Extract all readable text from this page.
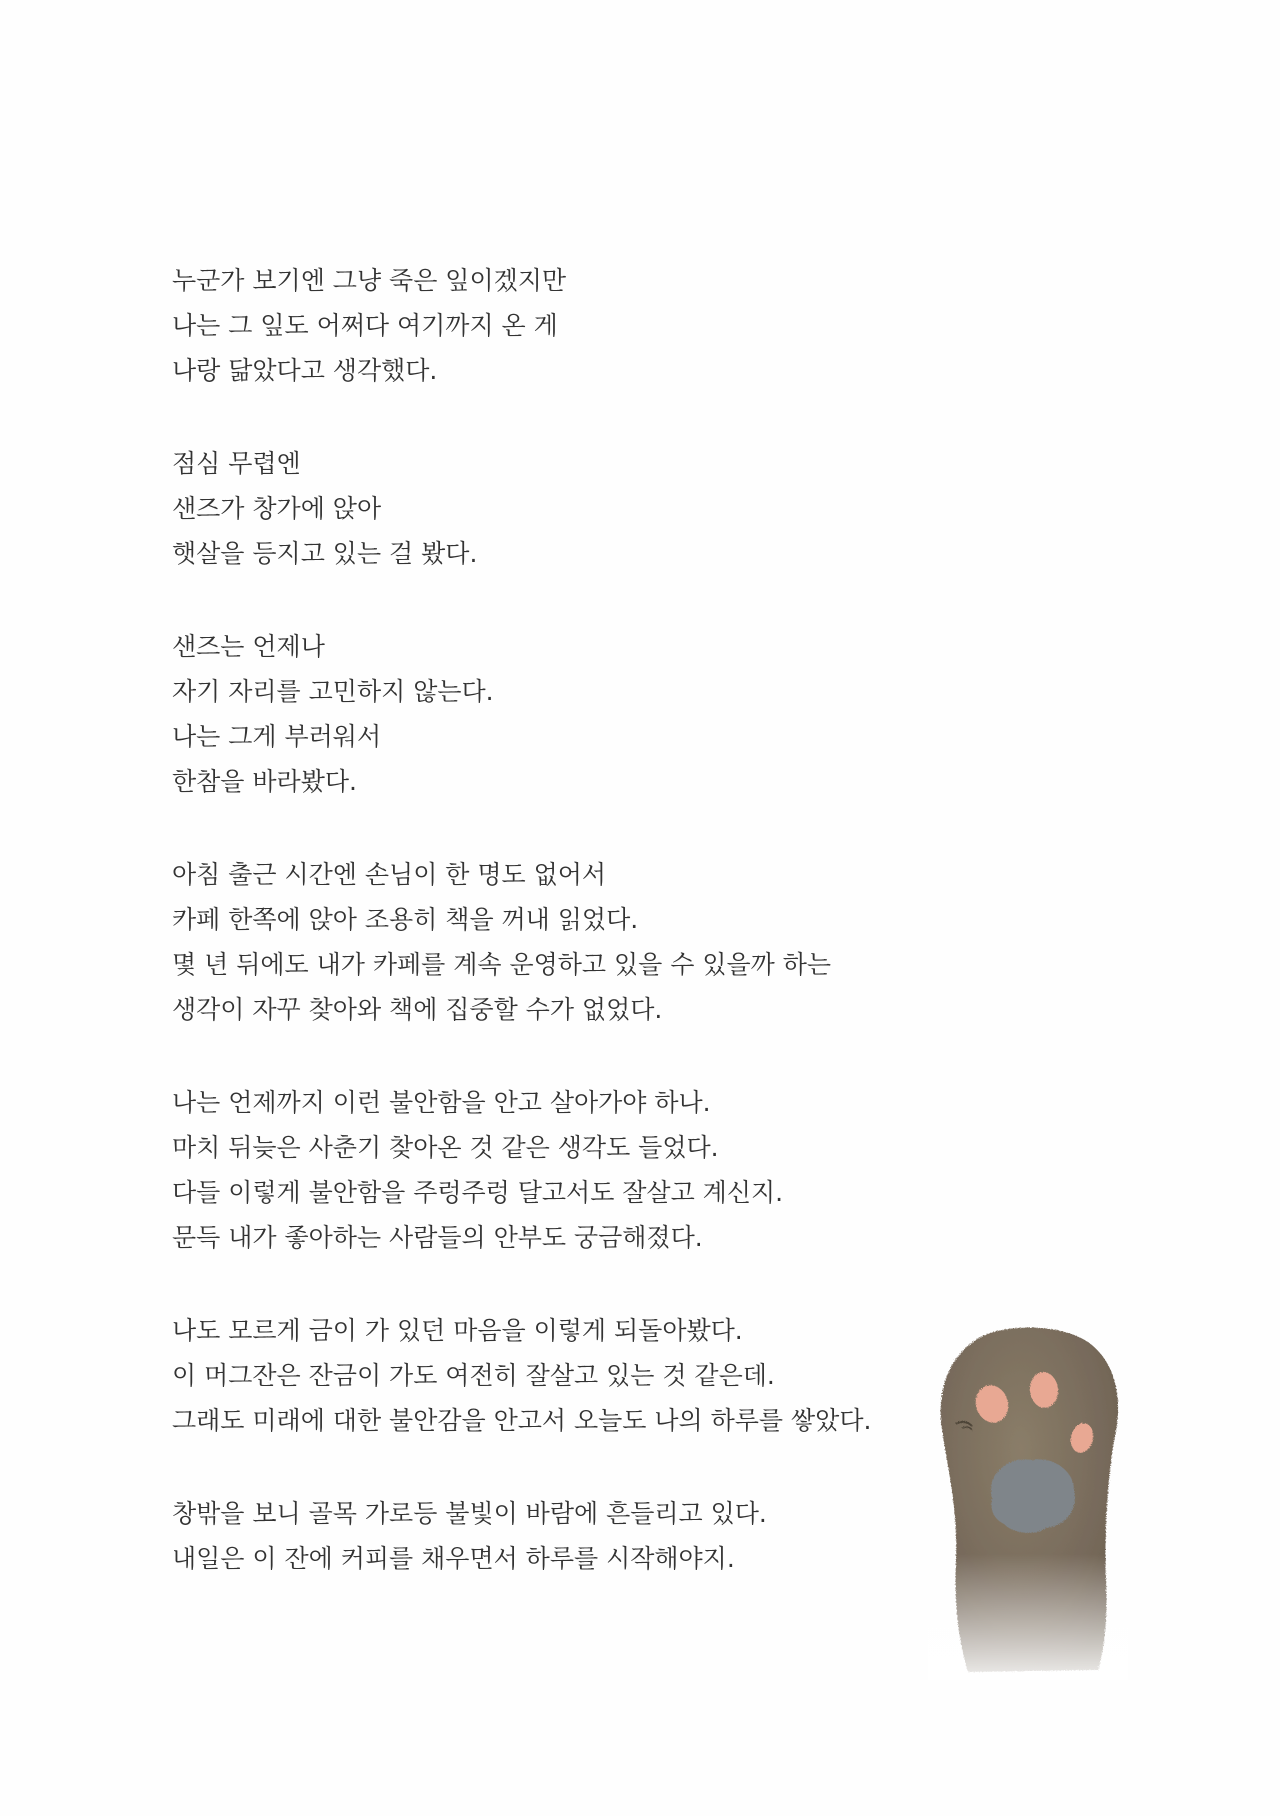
누군가 보기엔 그냥 죽은 잎이겠지만
나는 그 잎도 어쩌다 여기까지 온 게
나랑 닮았다고 생각했다.
점심 무렵엔
샌즈가 창가에 앉아
햇살을 등지고 있는 걸 봤다.
샌즈는 언제나
자기 자리를 고민하지 않는다.
나는 그게 부러워서
한참을 바라봤다.
아침 출근 시간엔 손님이 한 명도 없어서
카페 한쪽에 앉아 조용히 책을 꺼내 읽었다.
몇 년 뒤에도 내가 카페를 계속 운영하고 있을 수 있을까 하는
생각이 자꾸 찾아와 책에 집중할 수가 없었다.
나는 언제까지 이런 불안함을 안고 살아가야 하나.
마치 뒤늦은 사춘기 찾아온 것 같은 생각도 들었다.
다들 이렇게 불안함을 주렁주렁 달고서도 잘살고 계신지.
문득 내가 좋아하는 사람들의 안부도 궁금해졌다.
나도 모르게 금이 가 있던 마음을 이렇게 되돌아봤다.
이 머그잔은 잔금이 가도 여전히 잘살고 있는 것 같은데.
그래도 미래에 대한 불안감을 안고서 오늘도 나의 하루를 쌓았다.
창밖을 보니 골목 가로등 불빛이 바람에 흔들리고 있다.
내일은 이 잔에 커피를 채우면서 하루를 시작해야지.
